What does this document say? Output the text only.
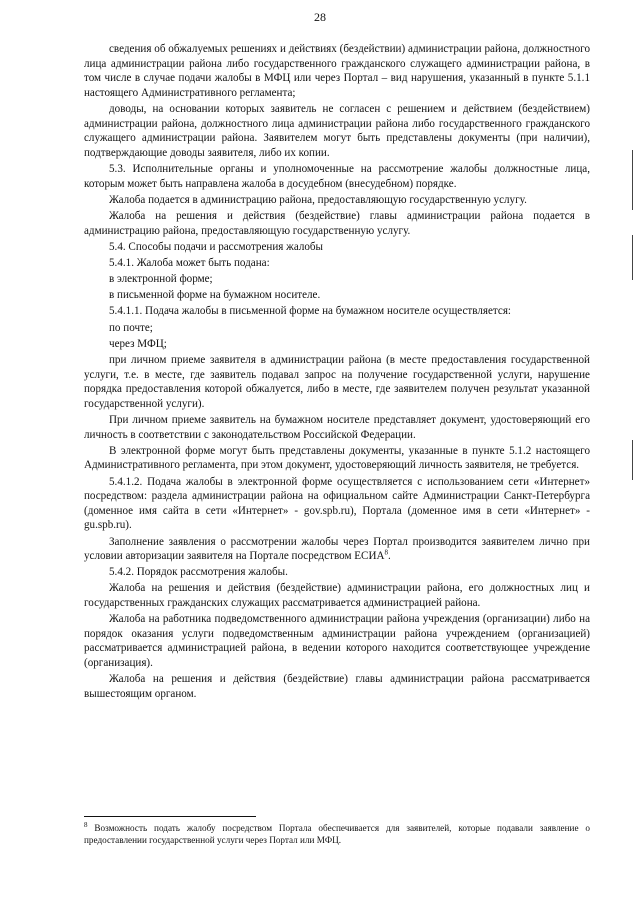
28

сведения об обжалуемых решениях и действиях (бездействии) администрации района, должностного лица администрации района либо государственного гражданского служащего администрации района, в том числе в случае подачи жалобы в МФЦ или через Портал – вид нарушения, указанный в пункте 5.1.1 настоящего Административного регламента;

доводы, на основании которых заявитель не согласен с решением и действием (бездействием) администрации района, должностного лица администрации района либо государственного гражданского служащего администрации района. Заявителем могут быть представлены документы (при наличии), подтверждающие доводы заявителя, либо их копии.

5.3. Исполнительные органы и уполномоченные на рассмотрение жалобы должностные лица, которым может быть направлена жалоба в досудебном (внесудебном) порядке.

Жалоба подается в администрацию района, предоставляющую государственную услугу.

Жалоба на решения и действия (бездействие) главы администрации района подается в администрацию района, предоставляющую государственную услугу.

5.4. Способы подачи и рассмотрения жалобы

5.4.1. Жалоба может быть подана:

в электронной форме;

в письменной форме на бумажном носителе.

5.4.1.1. Подача жалобы в письменной форме на бумажном носителе осуществляется:

по почте;

через МФЦ;

при личном приеме заявителя в администрации района (в месте предоставления государственной услуги, т.е. в месте, где заявитель подавал запрос на получение государственной услуги, нарушение порядка предоставления которой обжалуется, либо в месте, где заявителем получен результат указанной государственной услуги).

При личном приеме заявитель на бумажном носителе представляет документ, удостоверяющий его личность в соответствии с законодательством Российской Федерации.

В электронной форме могут быть представлены документы, указанные в пункте 5.1.2 настоящего Административного регламента, при этом документ, удостоверяющий личность заявителя, не требуется.

5.4.1.2. Подача жалобы в электронной форме осуществляется с использованием сети «Интернет» посредством: раздела администрации района на официальном сайте Администрации Санкт-Петербурга (доменное имя сайта в сети «Интернет» - gov.spb.ru), Портала (доменное имя в сети «Интернет» - gu.spb.ru).

Заполнение заявления о рассмотрении жалобы через Портал производится заявителем лично при условии авторизации заявителя на Портале посредством ЕСИА$^8$.

5.4.2. Порядок рассмотрения жалобы.

Жалоба на решения и действия (бездействие) администрации района, его должностных лиц и государственных гражданских служащих рассматривается администрацией района.

Жалоба на работника подведомственного администрации района учреждения (организации) либо на порядок оказания услуги подведомственным администрации района учреждением (организацией) рассматривается администрацией района, в ведении которого находится соответствующее учреждение (организация).

Жалоба на решения и действия (бездействие) главы администрации района рассматривается вышестоящим органом.

$^8$ Возможность подать жалобу посредством Портала обеспечивается для заявителей, которые подавали заявление о предоставлении государственной услуги через Портал или МФЦ.
